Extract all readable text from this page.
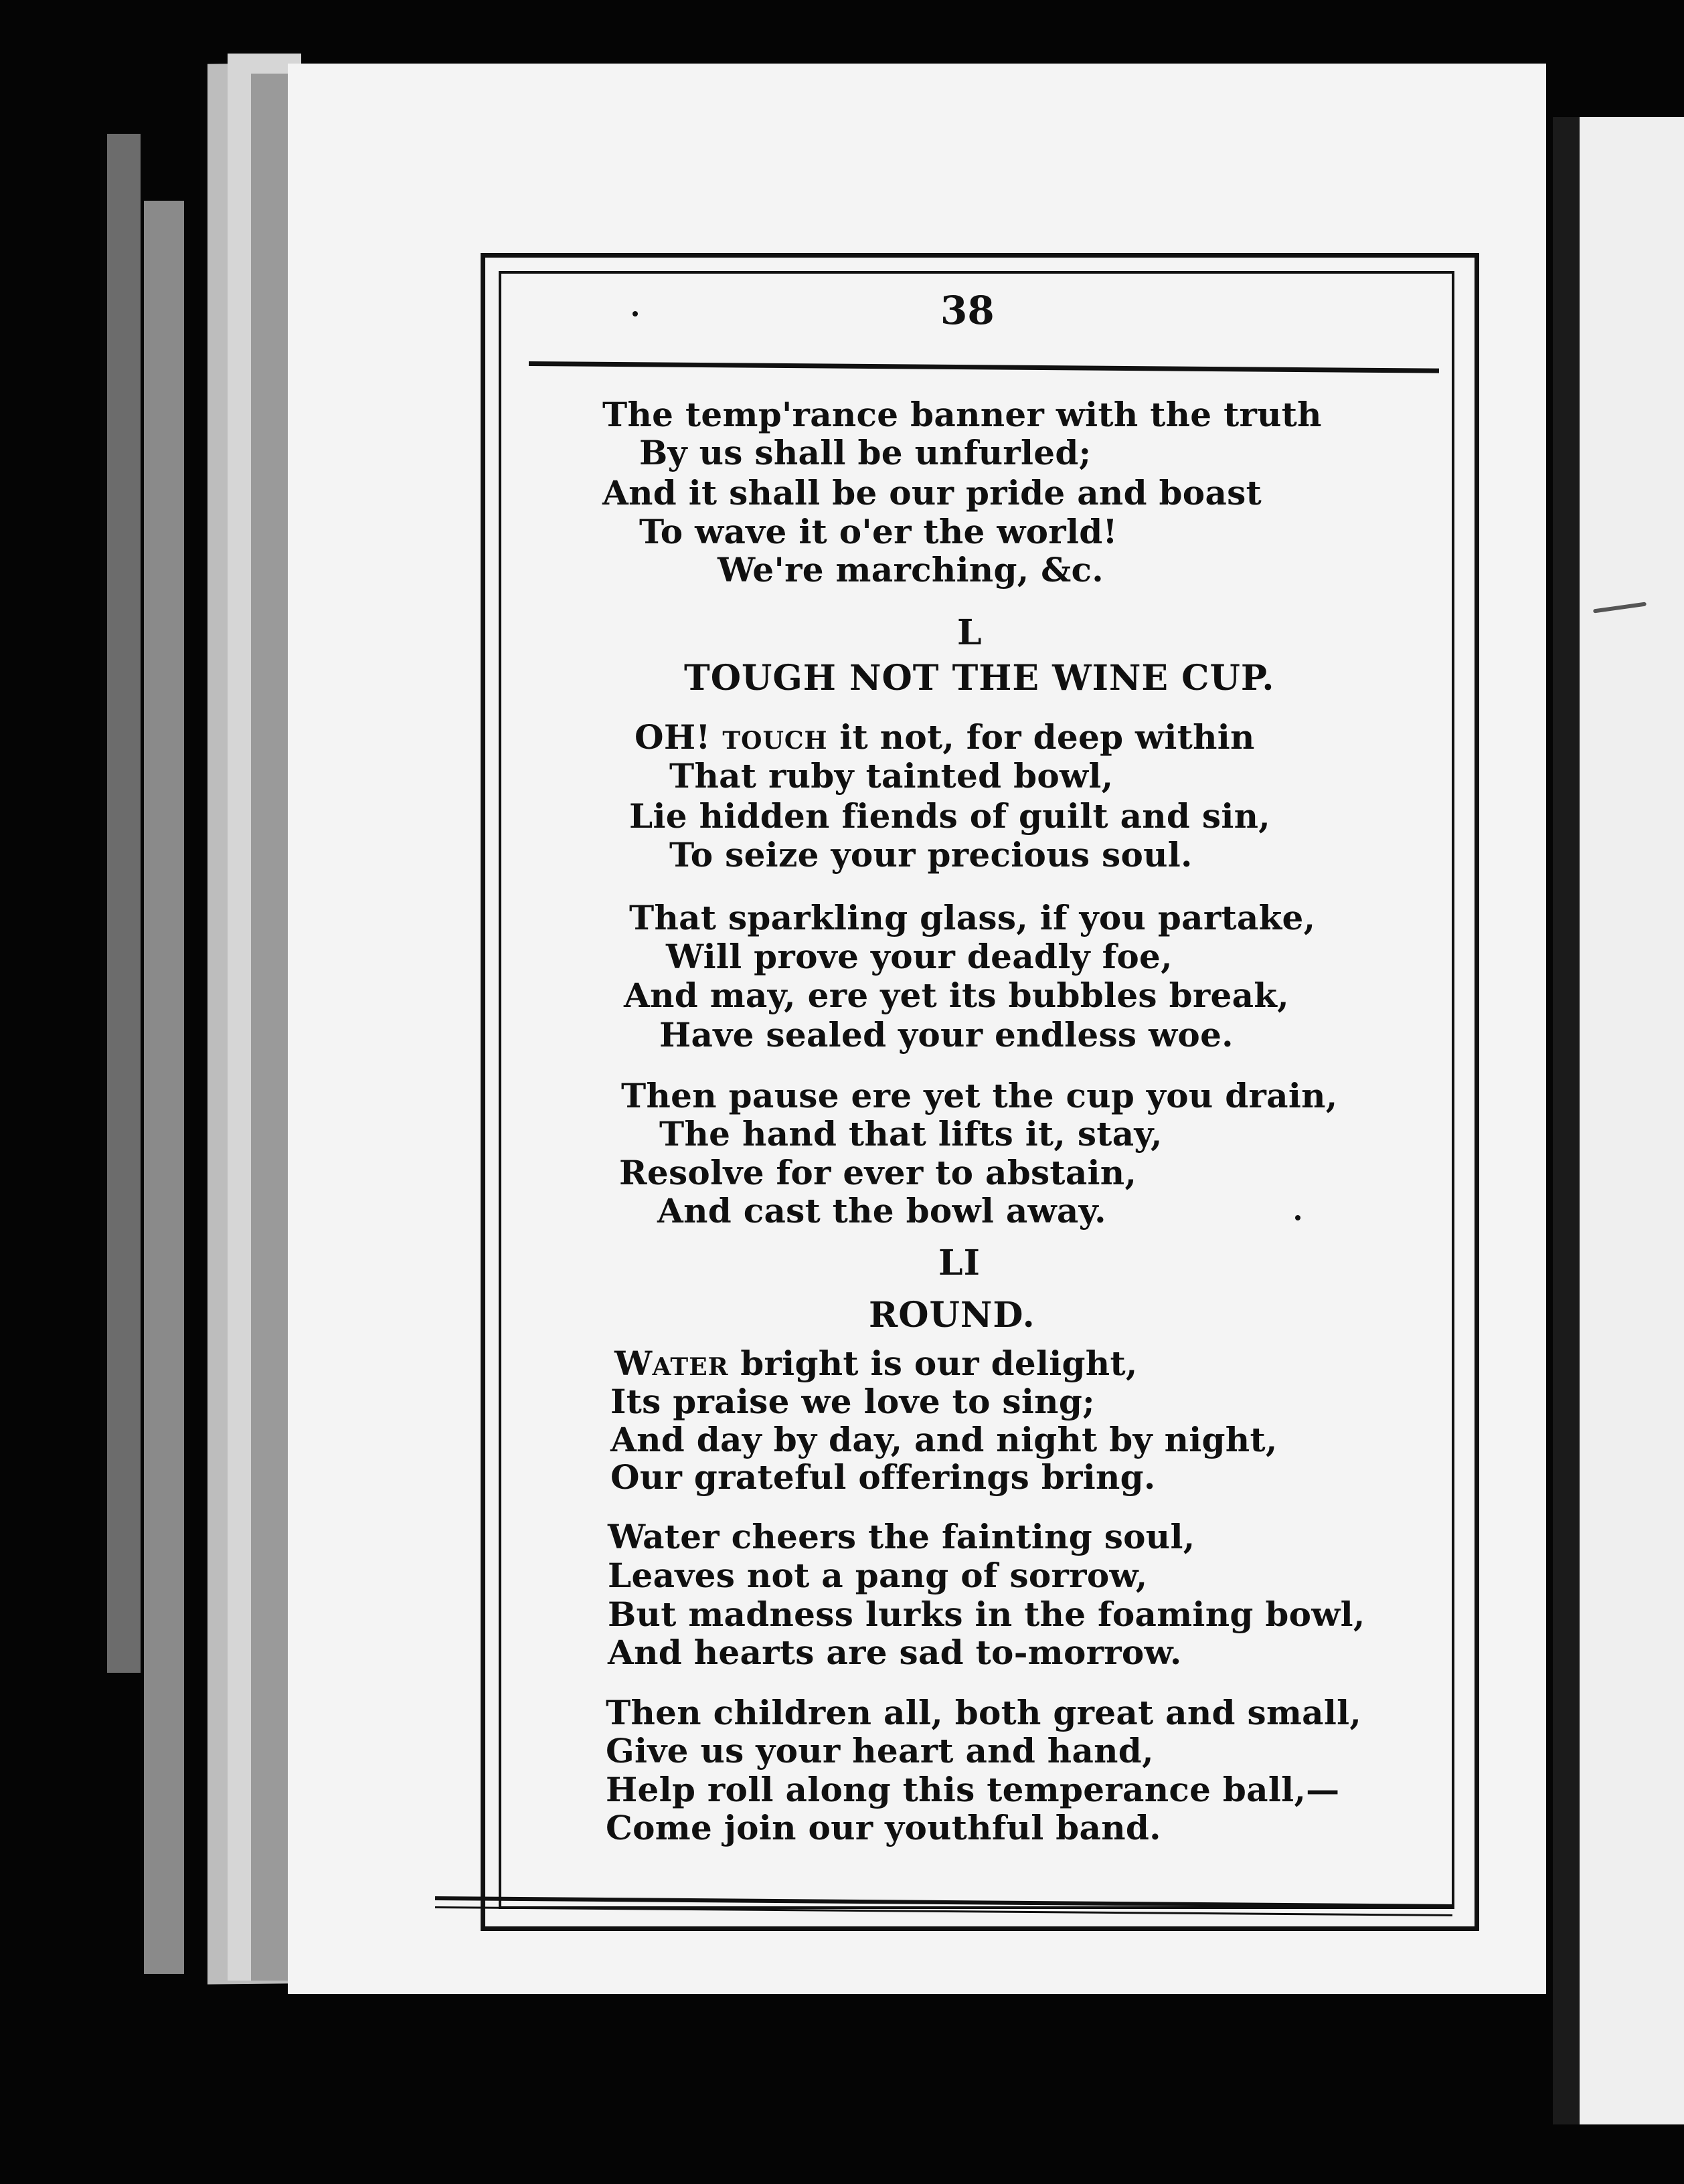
38
The temp'rance banner with the truth
By us shall be unfurled;
And it shall be our pride and boast
To wave it o'er the world!
We're marching, &c.
L
TOUGH NOT THE WINE CUP.
OH! TOUCH it not, for deep within
That ruby tainted bowl,
Lie hidden fiends of guilt and sin,
To seize your precious soul.
That sparkling glass, if you partake,
Will prove your deadly foe,
And may, ere yet its bubbles break,
Have sealed your endless woe.
Then pause ere yet the cup you drain,
The hand that lifts it, stay,
Resolve for ever to abstain,
And cast the bowl away.
LI
ROUND.
WATER bright is our delight,
Its praise we love to sing;
And day by day, and night by night,
Our grateful offerings bring.
Water cheers the fainting soul,
Leaves not a pang of sorrow,
But madness lurks in the foaming bowl,
And hearts are sad to-morrow.
Then children all, both great and small,
Give us your heart and hand,
Help roll along this temperance ball,—
Come join our youthful band.
